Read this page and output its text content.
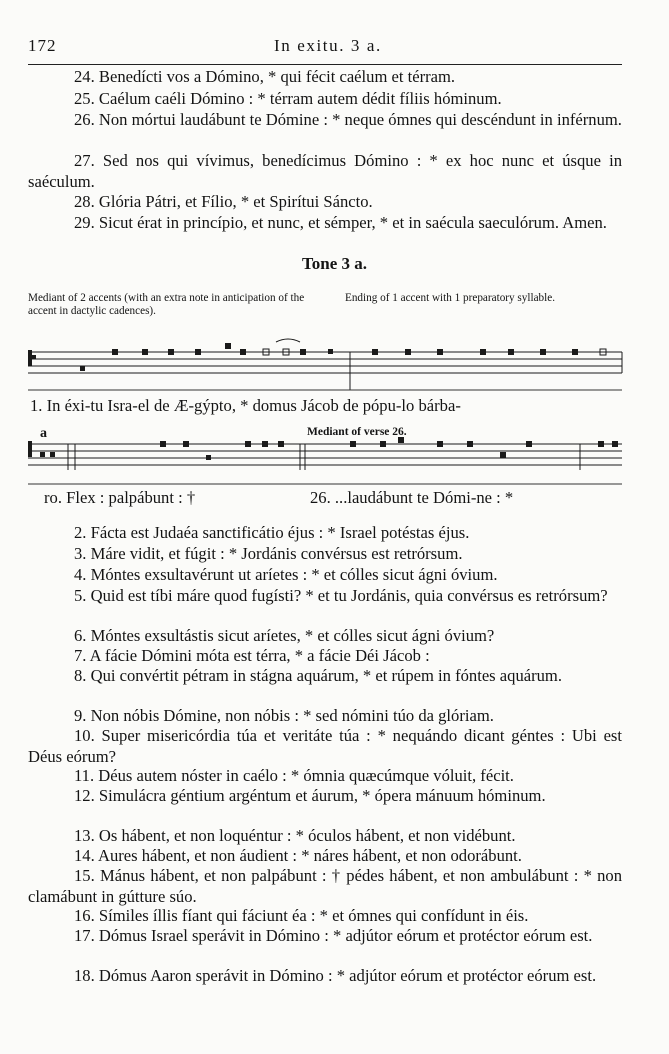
172	In exitu. 3 a.
24. Benedícti vos a Dómino, * qui fécit caélum et térram.
25. Caélum caéli Dómino : * térram autem dédit fíliis hóminum.
26. Non mórtui laudábunt te Dómine : * neque ómnes qui descéndunt in inférnum.
27. Sed nos qui vívimus, benedícimus Dómino : * ex hoc nunc et úsque in saéculum.
28. Glória Pátri, et Fílio, * et Spirítui Sáncto.
29. Sicut érat in princípio, et nunc, et sémper, * et in saécula saeculórum. Amen.
Tone 3 a.
Mediant of 2 accents (with an extra note in anticipation of the accent in dactylic cadences).
Ending of 1 accent with 1 preparatory syllable.
1. In éxi-tu Isra-el de Æ-gýpto, * domus Jácob de pópu-lo bárba-
a	Mediant of verse 26.
ro. Flex : palpábunt : †	26. ...laudábunt te Dómi-ne : *
2. Fácta est Judaéa sanctificátio éjus : * Israel potéstas éjus.
3. Máre vidit, et fúgit : * Jordánis convérsus est retrórsum.
4. Móntes exsultavérunt ut aríetes : * et cólles sicut ágni óvium.
5. Quid est tíbi máre quod fugísti? * et tu Jordánis, quia convérsus es retrórsum?
6. Móntes exsultástis sicut aríetes, * et cólles sicut ágni óvium?
7. A fácie Dómini móta est térra, * a fácie Déi Jácob :
8. Qui convértit pétram in stágna aquárum, * et rúpem in fóntes aquárum.
9. Non nóbis Dómine, non nóbis : * sed nómini túo da glóriam.
10. Super misericórdia túa et veritáte túa : * nequándo dicant géntes : Ubi est Déus eórum?
11. Déus autem nóster in caélo : * ómnia quæcúmque vóluit, fécit.
12. Simulácra géntium argéntum et áurum, * ópera mánuum hóminum.
13. Os hábent, et non loquéntur : * óculos hábent, et non vidébunt.
14. Aures hábent, et non áudient : * náres hábent, et non odorábunt.
15. Mánus hábent, et non palpábunt : † pédes hábent, et non ambulábunt : * non clamábunt in gútture súo.
16. Símiles íllis fíant qui fáciunt éa : * et ómnes qui confídunt in éis.
17. Dómus Israel sperávit in Dómino : * adjútor eórum et protéctor eórum est.
18. Dómus Aaron sperávit in Dómino : * adjútor eórum et protéctor eórum est.
